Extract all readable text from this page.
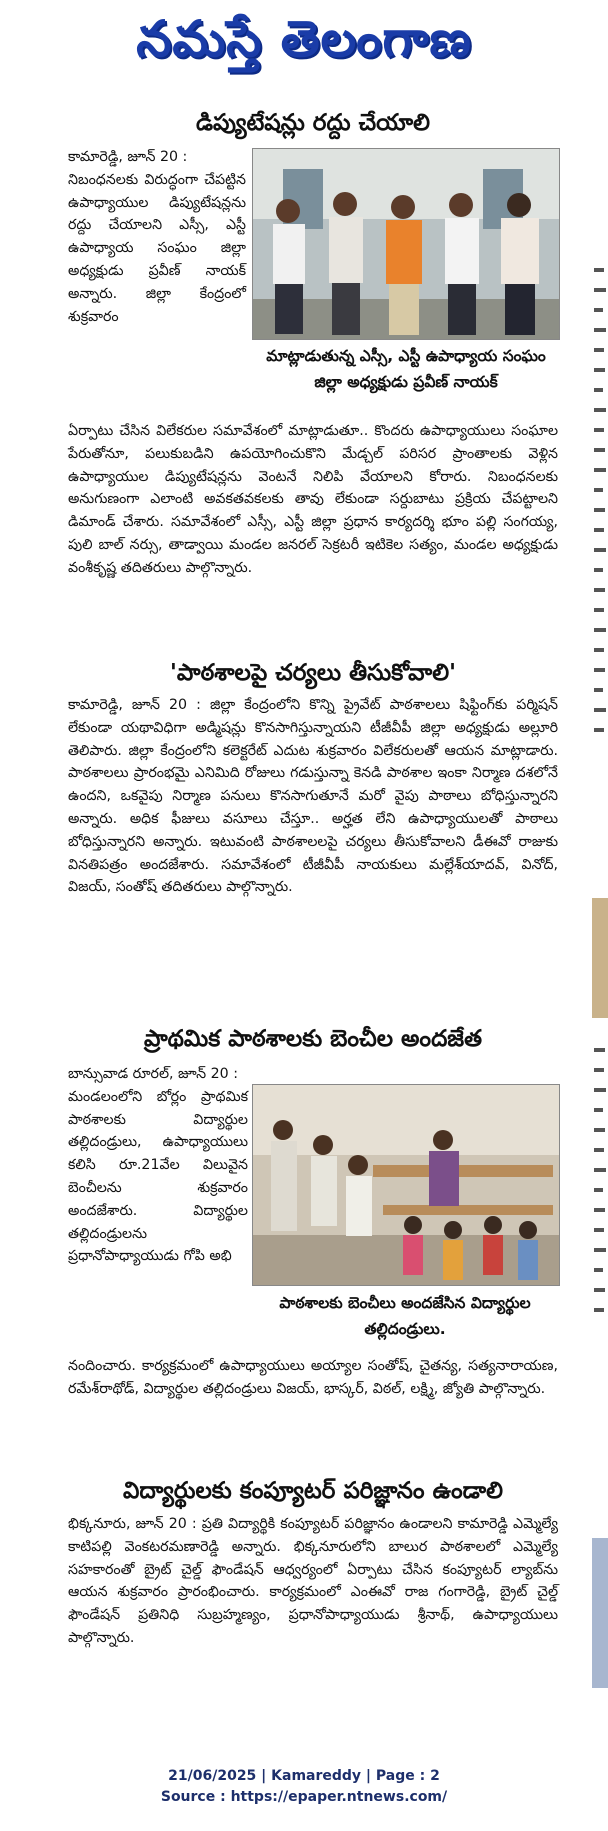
నమస్తే తెలంగాణ

డిప్యుటేషన్లు రద్దు చేయాలి

కామారెడ్డి, జూన్ 20 :

నిబంధనలకు విరుద్ధంగా చేపట్టిన ఉపాధ్యాయుల డిప్యుటేషన్లను రద్దు చేయాలని ఎస్సీ, ఎస్టీ ఉపాధ్యాయ సంఘం జిల్లా అధ్యక్షుడు ప్రవీణ్ నాయక్ అన్నారు. జిల్లా కేంద్రంలో శుక్రవారం

మాట్లాడుతున్న ఎస్సీ, ఎస్టీ ఉపాధ్యాయ సంఘం జిల్లా అధ్యక్షుడు ప్రవీణ్ నాయక్

ఏర్పాటు చేసిన విలేకరుల సమావేశంలో మాట్లాడుతూ.. కొందరు ఉపాధ్యాయులు సంఘాల పేరుతోనూ, పలుకుబడిని ఉపయోగించుకొని మేడ్చల్ పరిసర ప్రాంతాలకు వెళ్లిన ఉపాధ్యాయుల డిప్యుటేషన్లను వెంటనే నిలిపి వేయాలని కోరారు. నిబంధనలకు అనుగుణంగా ఎలాంటి అవకతవకలకు తావు లేకుండా సర్దుబాటు ప్రక్రియ చేపట్టాలని డిమాండ్ చేశారు. సమావేశంలో ఎస్సీ, ఎస్టీ జిల్లా ప్రధాన కార్యదర్శి భూం పల్లి సంగయ్య, పులి బాల్ నర్సు, తాడ్వాయి మండల జనరల్ సెక్రటరీ ఇటికెల సత్యం, మండల అధ్యక్షుడు వంశీకృష్ణ తదితరులు పాల్గొన్నారు.

'పాఠశాలపై చర్యలు తీసుకోవాలి'

కామారెడ్డి, జూన్ 20 : జిల్లా కేంద్రంలోని కొన్ని ప్రైవేట్ పాఠశాలలు షిఫ్టింగ్‌కు పర్మిషన్ లేకుండా యథావిధిగా అడ్మిషన్లు కొనసాగిస్తున్నాయని టీజీవీపీ జిల్లా అధ్యక్షుడు అల్లూరి తెలిపారు. జిల్లా కేంద్రంలోని కలెక్టరేట్ ఎదుట శుక్రవారం విలేకరులతో ఆయన మాట్లాడారు. పాఠశాలలు ప్రారంభమై ఎనిమిది రోజులు గడుస్తున్నా కెనడి పాఠశాల ఇంకా నిర్మాణ దశలోనే ఉందని, ఒకవైపు నిర్మాణ పనులు కొనసాగుతూనే మరో వైపు పాఠాలు బోధిస్తున్నారని అన్నారు. అధిక ఫీజులు వసూలు చేస్తూ.. అర్హత లేని ఉపాధ్యాయులతో పాఠాలు బోధిస్తున్నారని అన్నారు. ఇటువంటి పాఠశాలలపై చర్యలు తీసుకోవాలని డీఈవో రాజుకు వినతిపత్రం అందజేశారు. సమావేశంలో టీజీవీపీ నాయకులు మల్లేశ్‌యాదవ్, వినోద్, విజయ్, సంతోష్ తదితరులు పాల్గొన్నారు.

ప్రాథమిక పాఠశాలకు బెంచీల అందజేత

బాన్సువాడ రూరల్, జూన్ 20 :

మండలంలోని బోర్లం ప్రాథమిక పాఠశాలకు విద్యార్థుల తల్లిదండ్రులు, ఉపాధ్యాయులు కలిసి రూ.21వేల విలువైన బెంచీలను శుక్రవారం అందజేశారు. విద్యార్థుల తల్లిదండ్రులను ప్రధానోపాధ్యాయుడు గోపి అభి

పాఠశాలకు బెంచీలు అందజేసిన విద్యార్థుల తల్లిదండ్రులు.

నందించారు. కార్యక్రమంలో ఉపాధ్యాయులు అయ్యాల సంతోష్, చైతన్య, సత్యనారాయణ, రమేశ్‌రాథోడ్, విద్యార్థుల తల్లిదండ్రులు విజయ్, భాస్కర్, విఠల్, లక్ష్మి, జ్యోతి పాల్గొన్నారు.

విద్యార్థులకు కంప్యూటర్ పరిజ్ఞానం ఉండాలి

భిక్కనూరు, జూన్ 20 : ప్రతి విద్యార్థికి కంప్యూటర్ పరిజ్ఞానం ఉండాలని కామారెడ్డి ఎమ్మెల్యే కాటిపల్లి వెంకటరమణారెడ్డి అన్నారు. భిక్కనూరులోని బాలుర పాఠశాలలో ఎమ్మెల్యే సహకారంతో బ్రైట్ చైల్డ్ ఫౌండేషన్ ఆధ్వర్యంలో ఏర్పాటు చేసిన కంప్యూటర్ ల్యాబ్‌ను ఆయన శుక్రవారం ప్రారంభించారు. కార్యక్రమంలో ఎంఈవో రాజ గంగారెడ్డి, బ్రైట్ చైల్డ్ ఫౌండేషన్ ప్రతినిధి సుబ్రహ్మణ్యం, ప్రధానోపాధ్యాయుడు శ్రీనాథ్, ఉపాధ్యాయులు పాల్గొన్నారు.

21/06/2025 | Kamareddy | Page : 2
Source : https://epaper.ntnews.com/
